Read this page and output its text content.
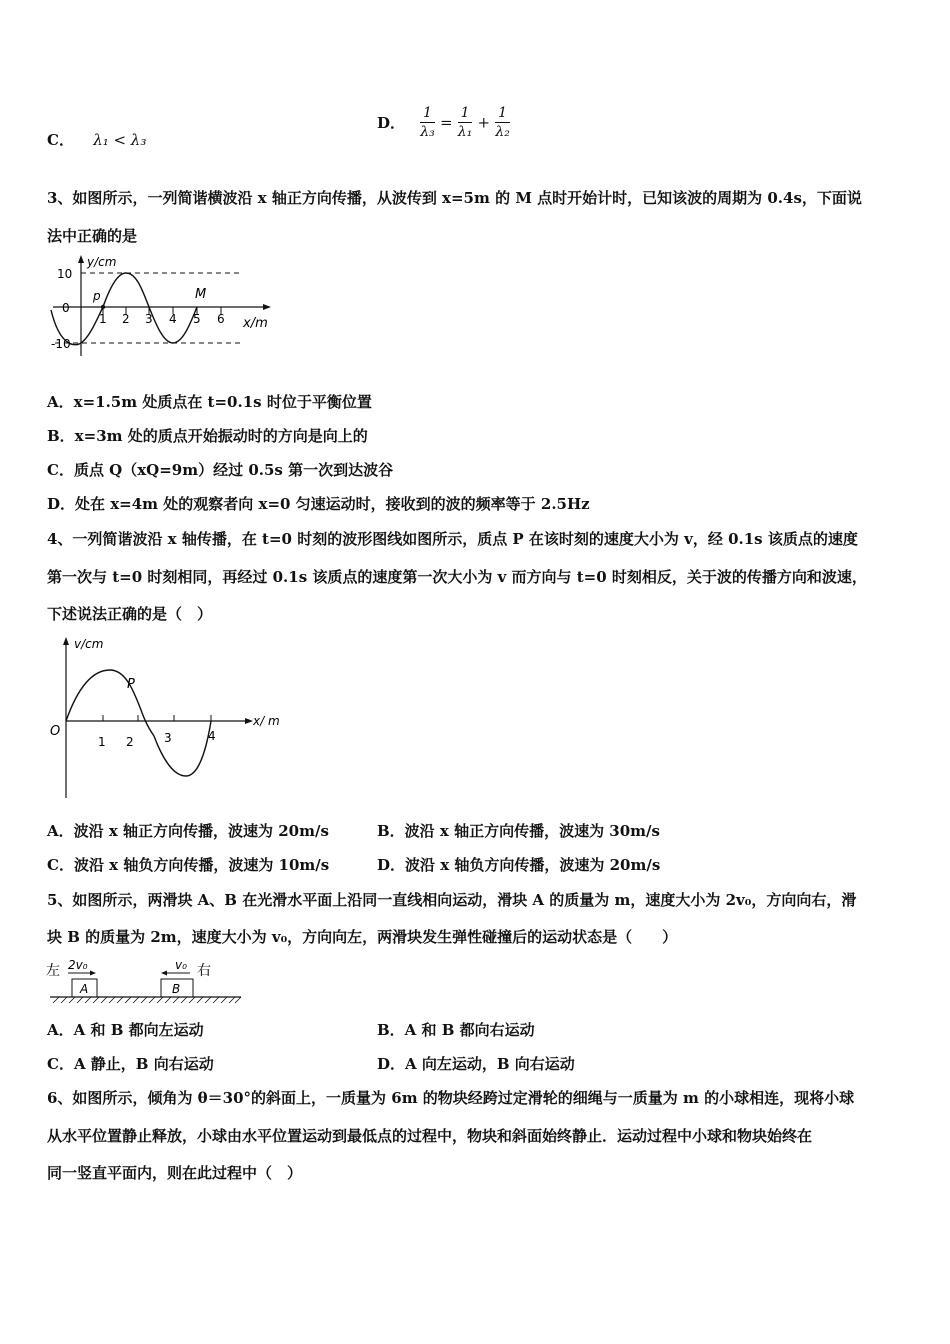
C． λ₁ < λ₃
D． $\frac{1}{\text{λ₃}} = \frac{1}{\text{λ₁}} + \frac{1}{\text{λ₂}}$
3、如图所示，一列简谐横波沿 x 轴正方向传播，从波传到 x=5m 的 M 点时开始计时，已知该波的周期为 0.4s，下面说
法中正确的是
y/cm
10
0
-10
p	M
1 2 3 4 5 6 x/m
A．x=1.5m 处质点在 t=0.1s 时位于平衡位置
B．x=3m 处的质点开始振动时的方向是向上的
C．质点 Q（xQ=9m）经过 0.5s 第一次到达波谷
D．处在 x=4m 处的观察者向 x=0 匀速运动时，接收到的波的频率等于 2.5Hz
4、一列简谐波沿 x 轴传播，在 t=0 时刻的波形图线如图所示，质点 P 在该时刻的速度大小为 v，经 0.1s 该质点的速度
第一次与 t=0 时刻相同，再经过 0.1s 该质点的速度第一次大小为 v 而方向与 t=0 时刻相反，关于波的传播方向和波速，
下述说法正确的是（　）
v/cm
O
P
1 2	3	4
x/ m
A．波沿 x 轴正方向传播，波速为 20m/s	B．波沿 x 轴正方向传播，波速为 30m/s
C．波沿 x 轴负方向传播，波速为 10m/s	D．波沿 x 轴负方向传播，波速为 20m/s
5、如图所示，两滑块 A、B 在光滑水平面上沿同一直线相向运动，滑块 A 的质量为 m，速度大小为 2v₀，方向向右，滑
块 B 的质量为 2m，速度大小为 v₀，方向向左，两滑块发生弹性碰撞后的运动状态是（　　）
左	右
2v₀	v₀
A	B
A．A 和 B 都向左运动	B．A 和 B 都向右运动
C．A 静止，B 向右运动	D．A 向左运动，B 向右运动
6、如图所示，倾角为 θ＝30°的斜面上，一质量为 6m 的物块经跨过定滑轮的细绳与一质量为 m 的小球相连，现将小球
从水平位置静止释放，小球由水平位置运动到最低点的过程中，物块和斜面始终静止．运动过程中小球和物块始终在
同一竖直平面内，则在此过程中（　）
